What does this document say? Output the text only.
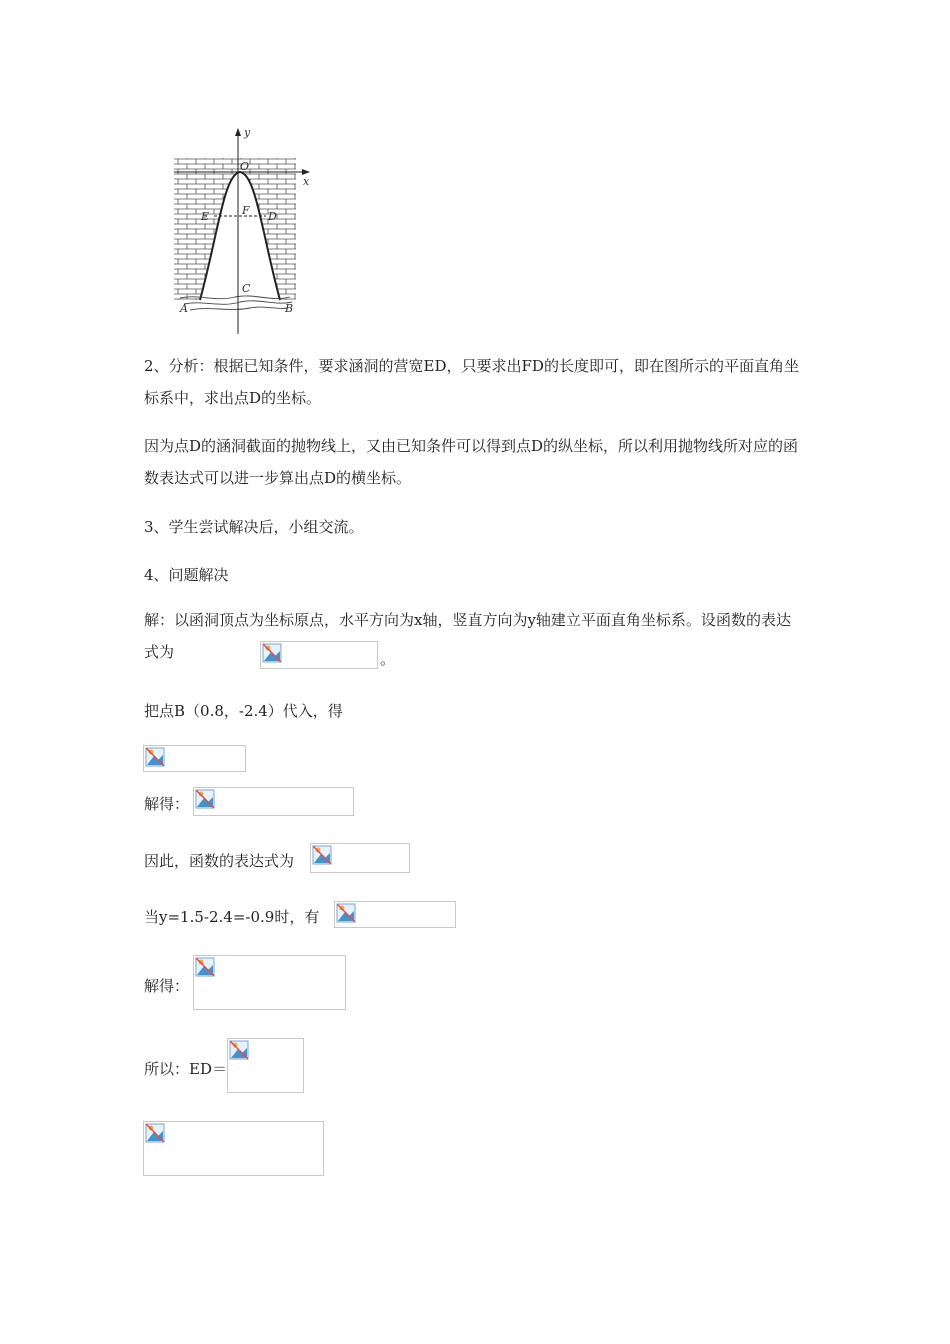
y
x
O
E	F D
C
A	B

2、分析：根据已知条件，要求涵洞的营宽ED，只要求出FD的长度即可，即在图所示的平面直角坐标系中，求出点D的坐标。

因为点D的涵洞截面的抛物线上，又由已知条件可以得到点D的纵坐标，所以利用抛物线所对应的函数表达式可以进一步算出点D的横坐标。

3、学生尝试解决后，小组交流。

4、问题解决

解：以函洞顶点为坐标原点，水平方向为x轴，竖直方向为y轴建立平面直角坐标系。设函数的表达式为	。

把点B（0.8，-2.4）代入，得

解得：
因此，函数的表达式为
当y=1.5-2.4=-0.9时，有
解得：
所以：ED＝
